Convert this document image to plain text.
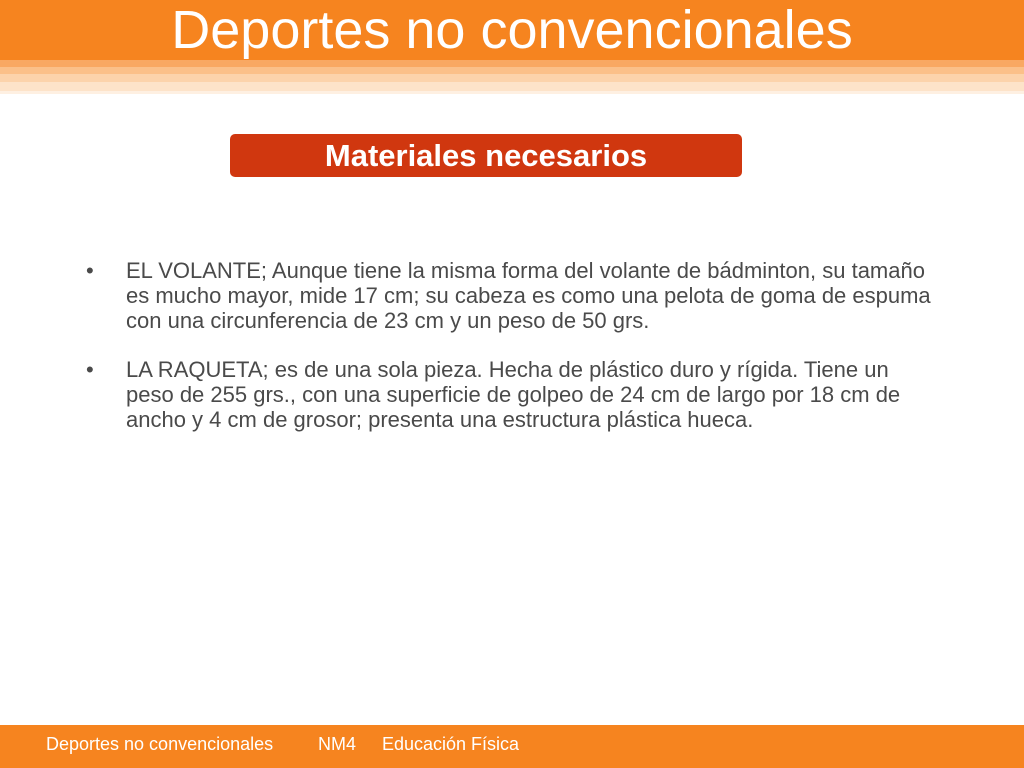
Deportes no convencionales
Materiales necesarios
• EL VOLANTE; Aunque tiene la misma forma del volante de bádminton, su tamaño es mucho mayor, mide 17 cm; su cabeza es como una pelota de goma de espuma con una circunferencia de 23 cm y un peso de 50 grs.
• LA RAQUETA; es de una sola pieza. Hecha de plástico duro y rígida. Tiene un peso de 255 grs., con una superficie de golpeo de 24 cm de largo por 18 cm de ancho y 4 cm de grosor; presenta una estructura plástica hueca.
Deportes no convencionales NM4 Educación Física
